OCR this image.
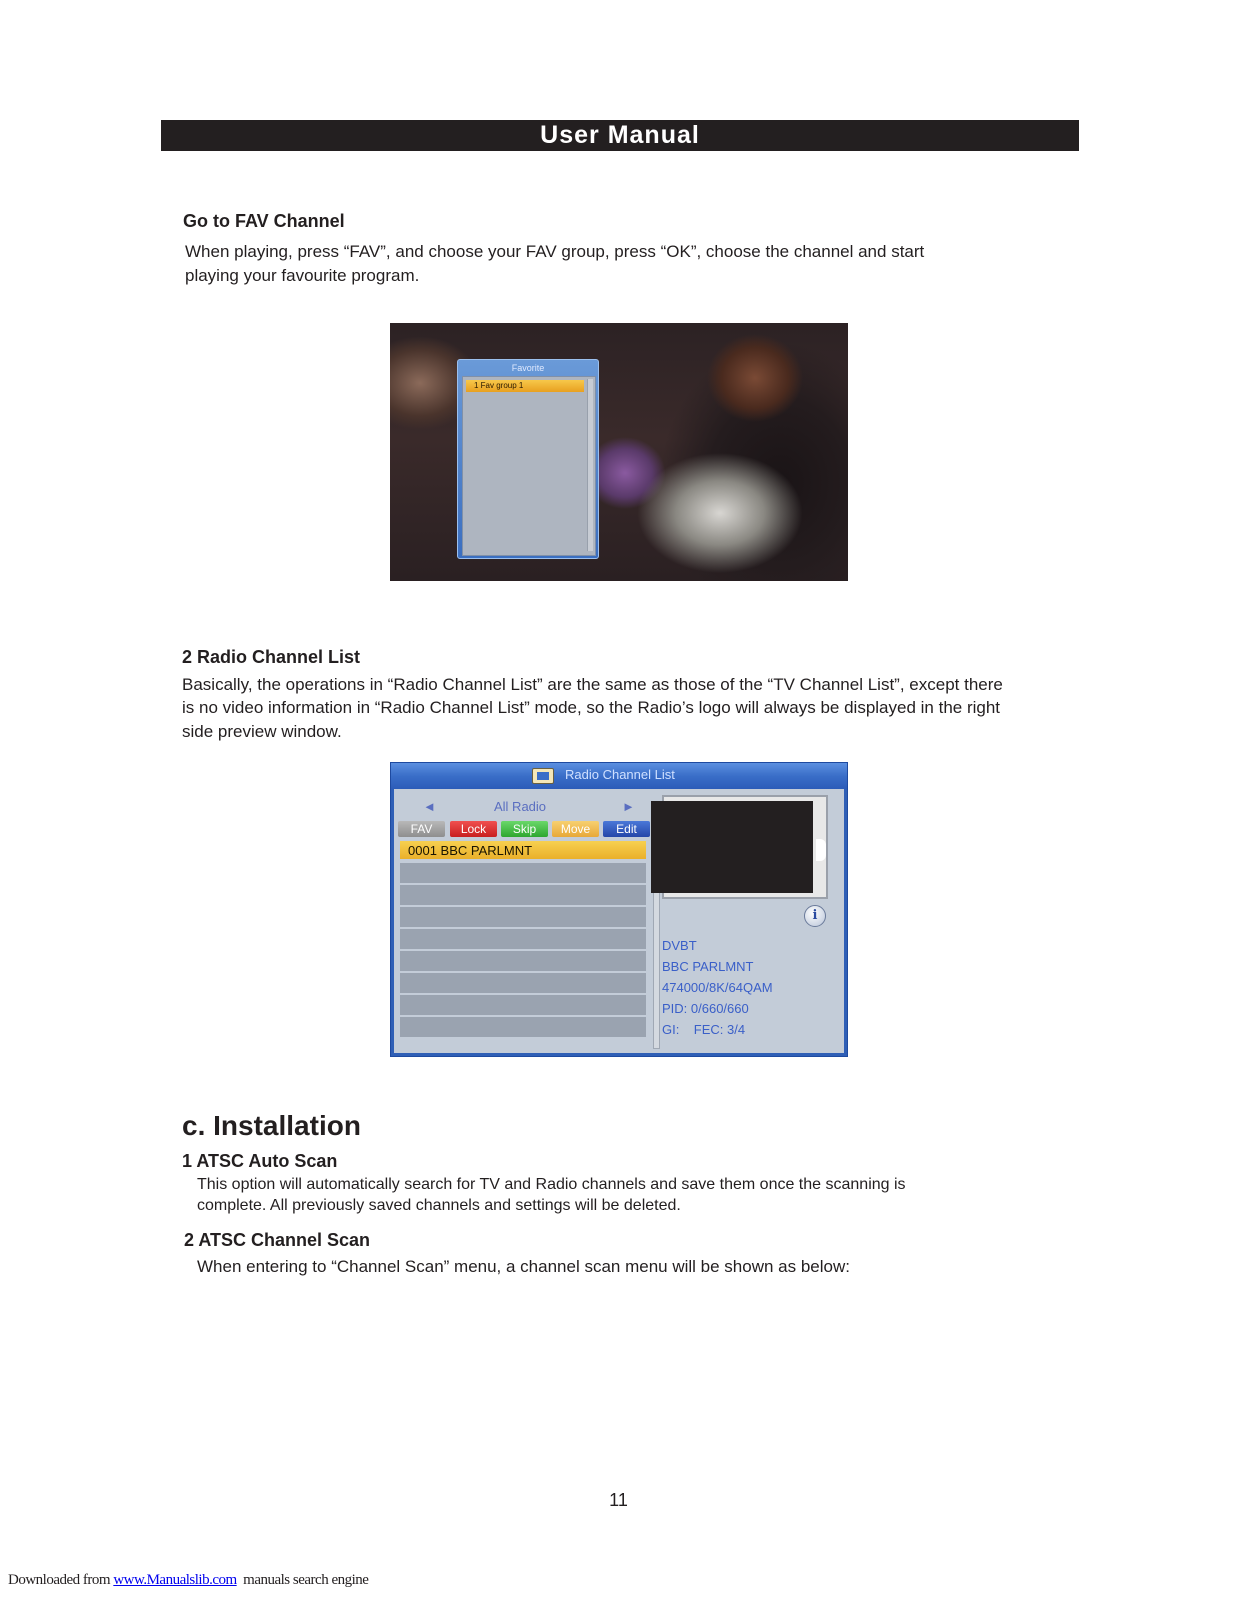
User Manual
Go to FAV Channel
When playing, press “FAV”, and choose your FAV group, press “OK”, choose the channel and start
playing your favourite program.
Favorite
1 Fav group 1
2 Radio Channel List
Basically, the operations in “Radio Channel List” are the same as those of the “TV Channel List”, except there
is no video information in “Radio Channel List” mode, so the Radio’s logo will always be displayed in the right
side preview window.
Radio Channel List
◄	All Radio	►
FAV	Lock	Skip	Move	Edit
0001 BBC PARLMNT
i
DVBT
BBC PARLMNT
474000/8K/64QAM
PID: 0/660/660
GI:    FEC: 3/4
c. Installation
1 ATSC Auto Scan
This option will automatically search for TV and Radio channels and save them once the scanning is
complete. All previously saved channels and settings will be deleted.
2 ATSC Channel Scan
When entering to “Channel Scan” menu, a channel scan menu will be shown as below:
11
Downloaded from www.Manualslib.com  manuals search engine
